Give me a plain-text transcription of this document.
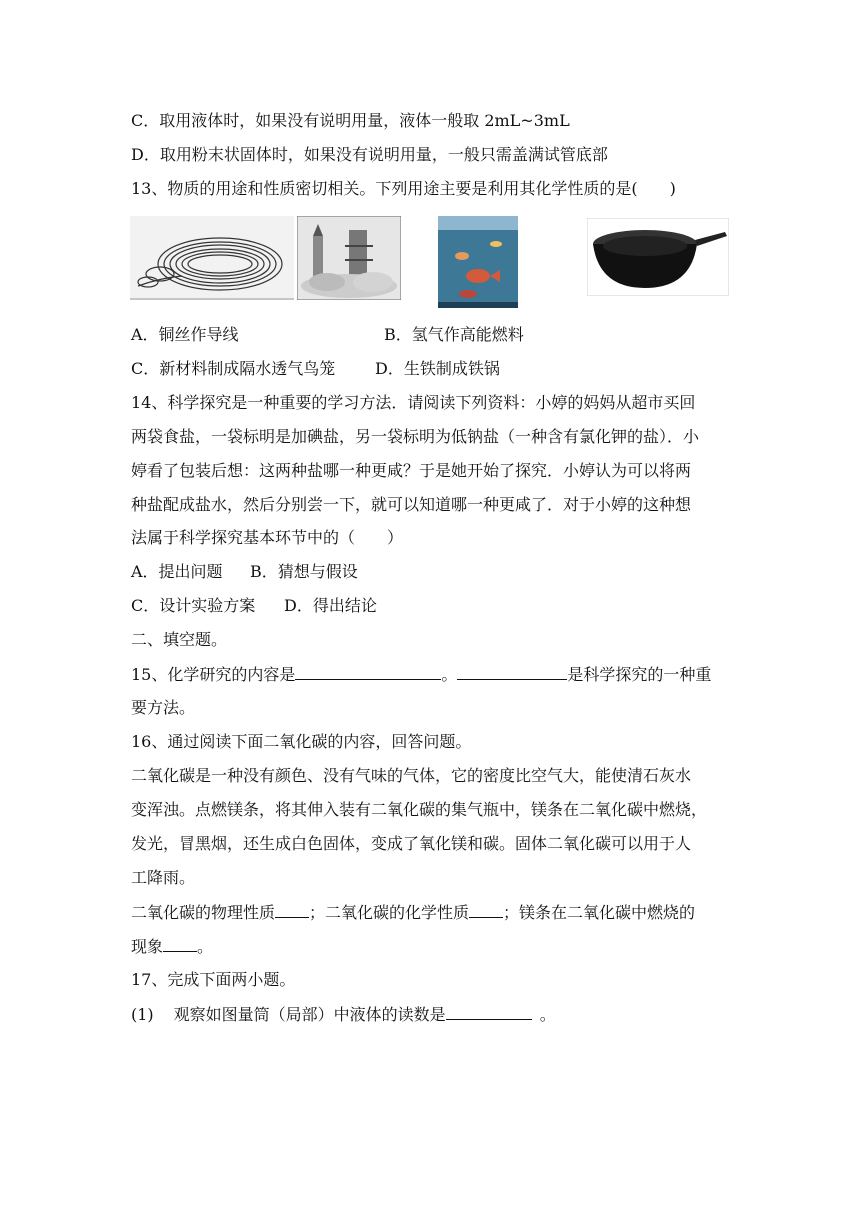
C．取用液体时，如果没有说明用量，液体一般取 2mL~3mL
D．取用粉末状固体时，如果没有说明用量，一般只需盖满试管底部
13、物质的用途和性质密切相关。下列用途主要是利用其化学性质的是(　　)
A．铜丝作导线	B．氢气作高能燃料
C．新材料制成隔水透气鸟笼 D．生铁制成铁锅
14、科学探究是一种重要的学习方法．请阅读下列资料：小婷的妈妈从超市买回
两袋食盐，一袋标明是加碘盐，另一袋标明为低钠盐（一种含有氯化钾的盐）．小
婷看了包装后想：这两种盐哪一种更咸？于是她开始了探究．小婷认为可以将两
种盐配成盐水，然后分别尝一下，就可以知道哪一种更咸了．对于小婷的这种想
法属于科学探究基本环节中的（　　）
A．提出问题 B．猜想与假设
C．设计实验方案 D．得出结论
二、填空题。
15、化学研究的内容是	。	是科学探究的一种重
要方法。
16、通过阅读下面二氧化碳的内容，回答问题。
二氧化碳是一种没有颜色、没有气味的气体，它的密度比空气大，能使清石灰水
变浑浊。点燃镁条，将其伸入装有二氧化碳的集气瓶中，镁条在二氧化碳中燃烧，
发光，冒黑烟，还生成白色固体，变成了氧化镁和碳。固体二氧化碳可以用于人
工降雨。
二氧化碳的物理性质 ；二氧化碳的化学性质 ；镁条在二氧化碳中燃烧的
现象 。
17、完成下面两小题。
(1) 观察如图量筒（局部）中液体的读数是	。
